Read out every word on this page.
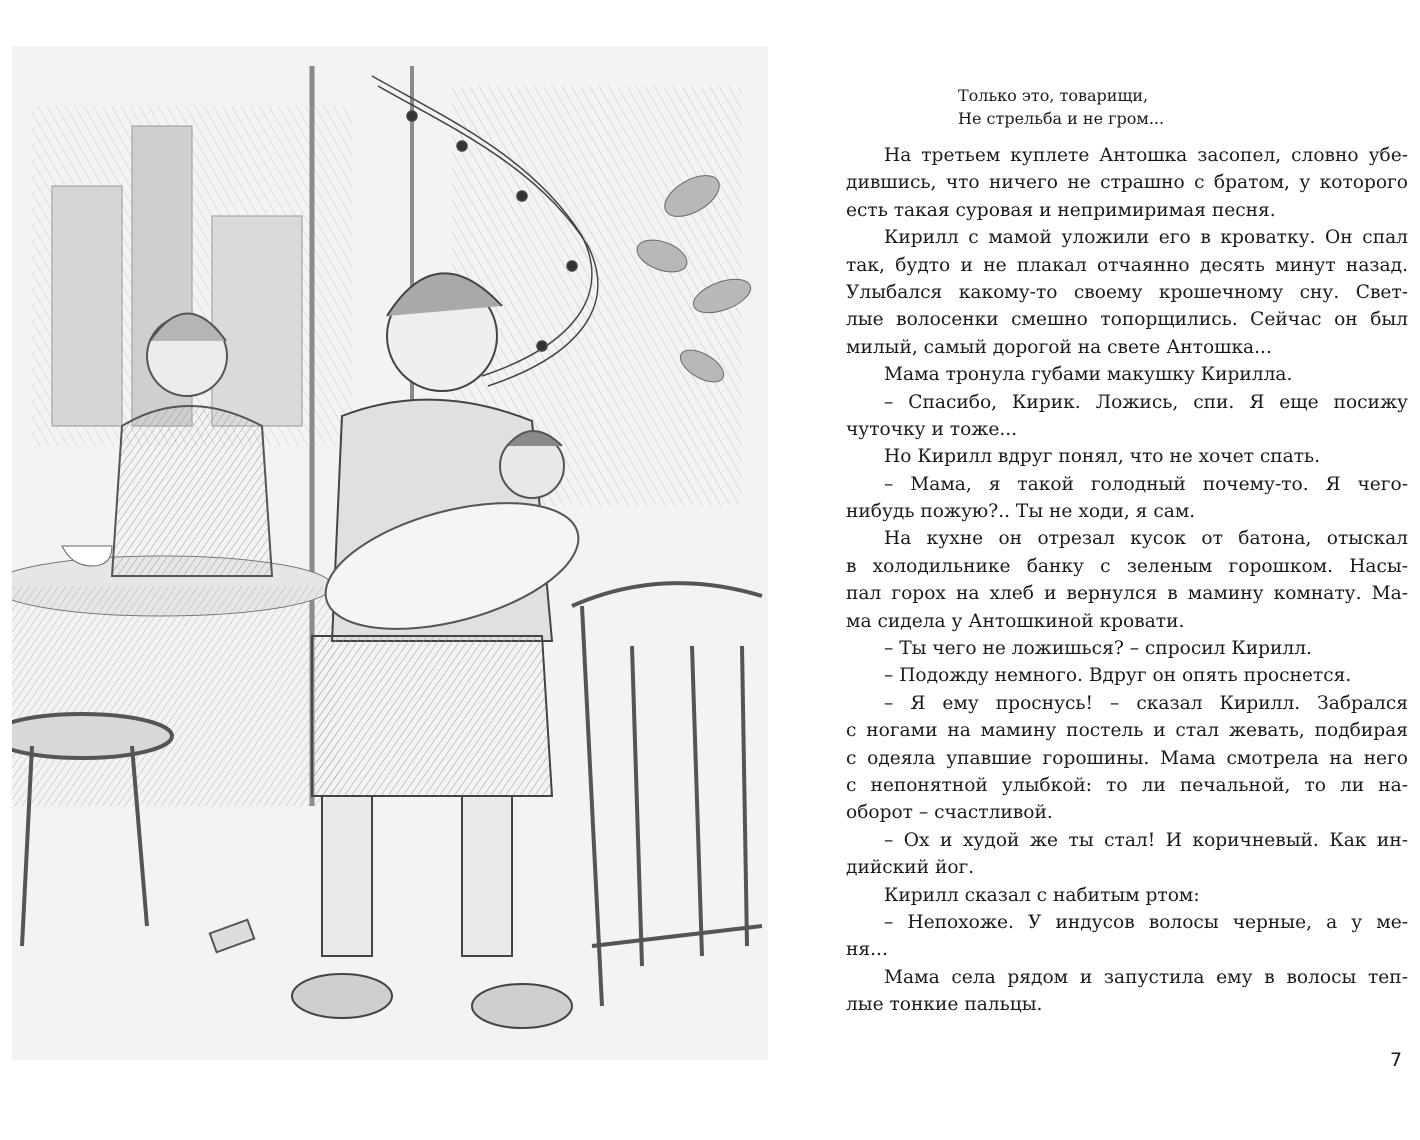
Только это, товарищи,
Не стрельба и не гром...
На третьем куплете Антошка засопел, словно убе-
дившись, что ничего не страшно с братом, у которого
есть такая суровая и непримиримая песня.
Кирилл с мамой уложили его в кроватку. Он спал
так, будто и не плакал отчаянно десять минут назад.
Улыбался какому-то своему крошечному сну. Свет-
лые волосенки смешно топорщились. Сейчас он был
милый, самый дорогой на свете Антошка...
Мама тронула губами макушку Кирилла.
– Спасибо, Кирик. Ложись, спи. Я еще посижу
чуточку и тоже...
Но Кирилл вдруг понял, что не хочет спать.
– Мама, я такой голодный почему-то. Я чего-
нибудь пожую?.. Ты не ходи, я сам.
На кухне он отрезал кусок от батона, отыскал
в холодильнике банку с зеленым горошком. Насы-
пал горох на хлеб и вернулся в мамину комнату. Ма-
ма сидела у Антошкиной кровати.
– Ты чего не ложишься? – спросил Кирилл.
– Подожду немного. Вдруг он опять проснется.
– Я ему проснусь! – сказал Кирилл. Забрался
с ногами на мамину постель и стал жевать, подбирая
с одеяла упавшие горошины. Мама смотрела на него
с непонятной улыбкой: то ли печальной, то ли на-
оборот – счастливой.
– Ох и худой же ты стал! И коричневый. Как ин-
дийский йог.
Кирилл сказал с набитым ртом:
– Непохоже. У индусов волосы черные, а у ме-
ня...
Мама села рядом и запустила ему в волосы теп-
лые тонкие пальцы.
7
